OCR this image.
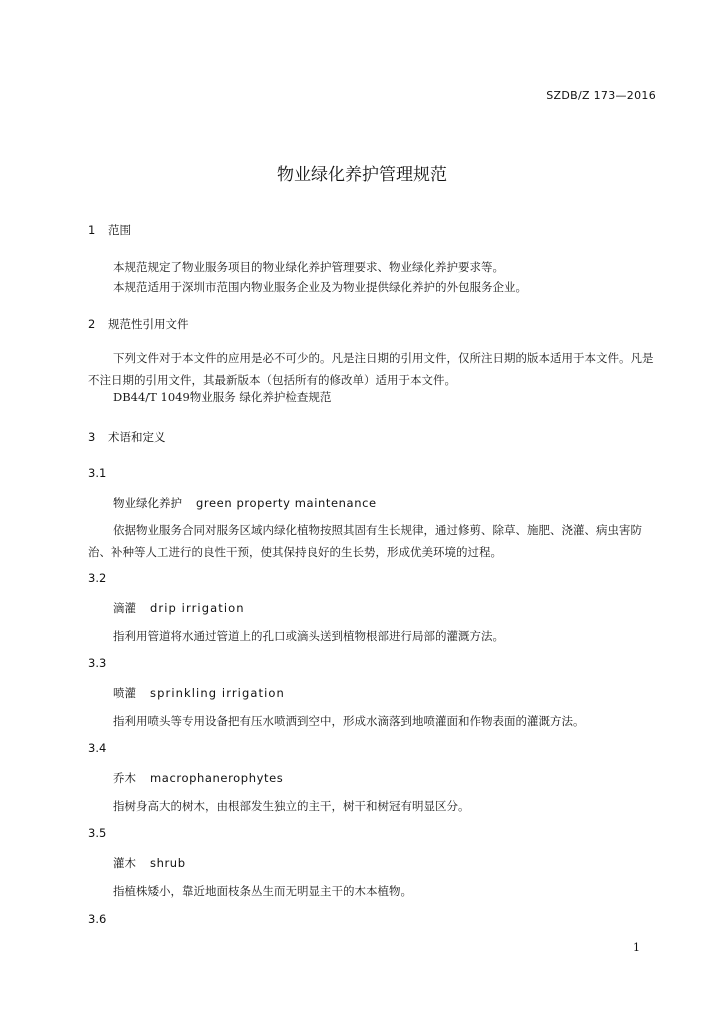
SZDB/Z 173—2016
物业绿化养护管理规范
1 范围
本规范规定了物业服务项目的物业绿化养护管理要求、物业绿化养护要求等。
本规范适用于深圳市范围内物业服务企业及为物业提供绿化养护的外包服务企业。
2 规范性引用文件
下列文件对于本文件的应用是必不可少的。凡是注日期的引用文件，仅所注日期的版本适用于本文件。凡是不注日期的引用文件，其最新版本（包括所有的修改单）适用于本文件。
DB44/T 1049物业服务 绿化养护检查规范
3 术语和定义
3.1
物业绿化养护 green property maintenance
依据物业服务合同对服务区域内绿化植物按照其固有生长规律，通过修剪、除草、施肥、浇灌、病虫害防治、补种等人工进行的良性干预，使其保持良好的生长势，形成优美环境的过程。
3.2
滴灌 drip irrigation
指利用管道将水通过管道上的孔口或滴头送到植物根部进行局部的灌溉方法。
3.3
喷灌 sprinkling irrigation
指利用喷头等专用设备把有压水喷洒到空中，形成水滴落到地喷灌面和作物表面的灌溉方法。
3.4
乔木 macrophanerophytes
指树身高大的树木，由根部发生独立的主干，树干和树冠有明显区分。
3.5
灌木 shrub
指植株矮小，靠近地面枝条丛生而无明显主干的木本植物。
3.6
1
